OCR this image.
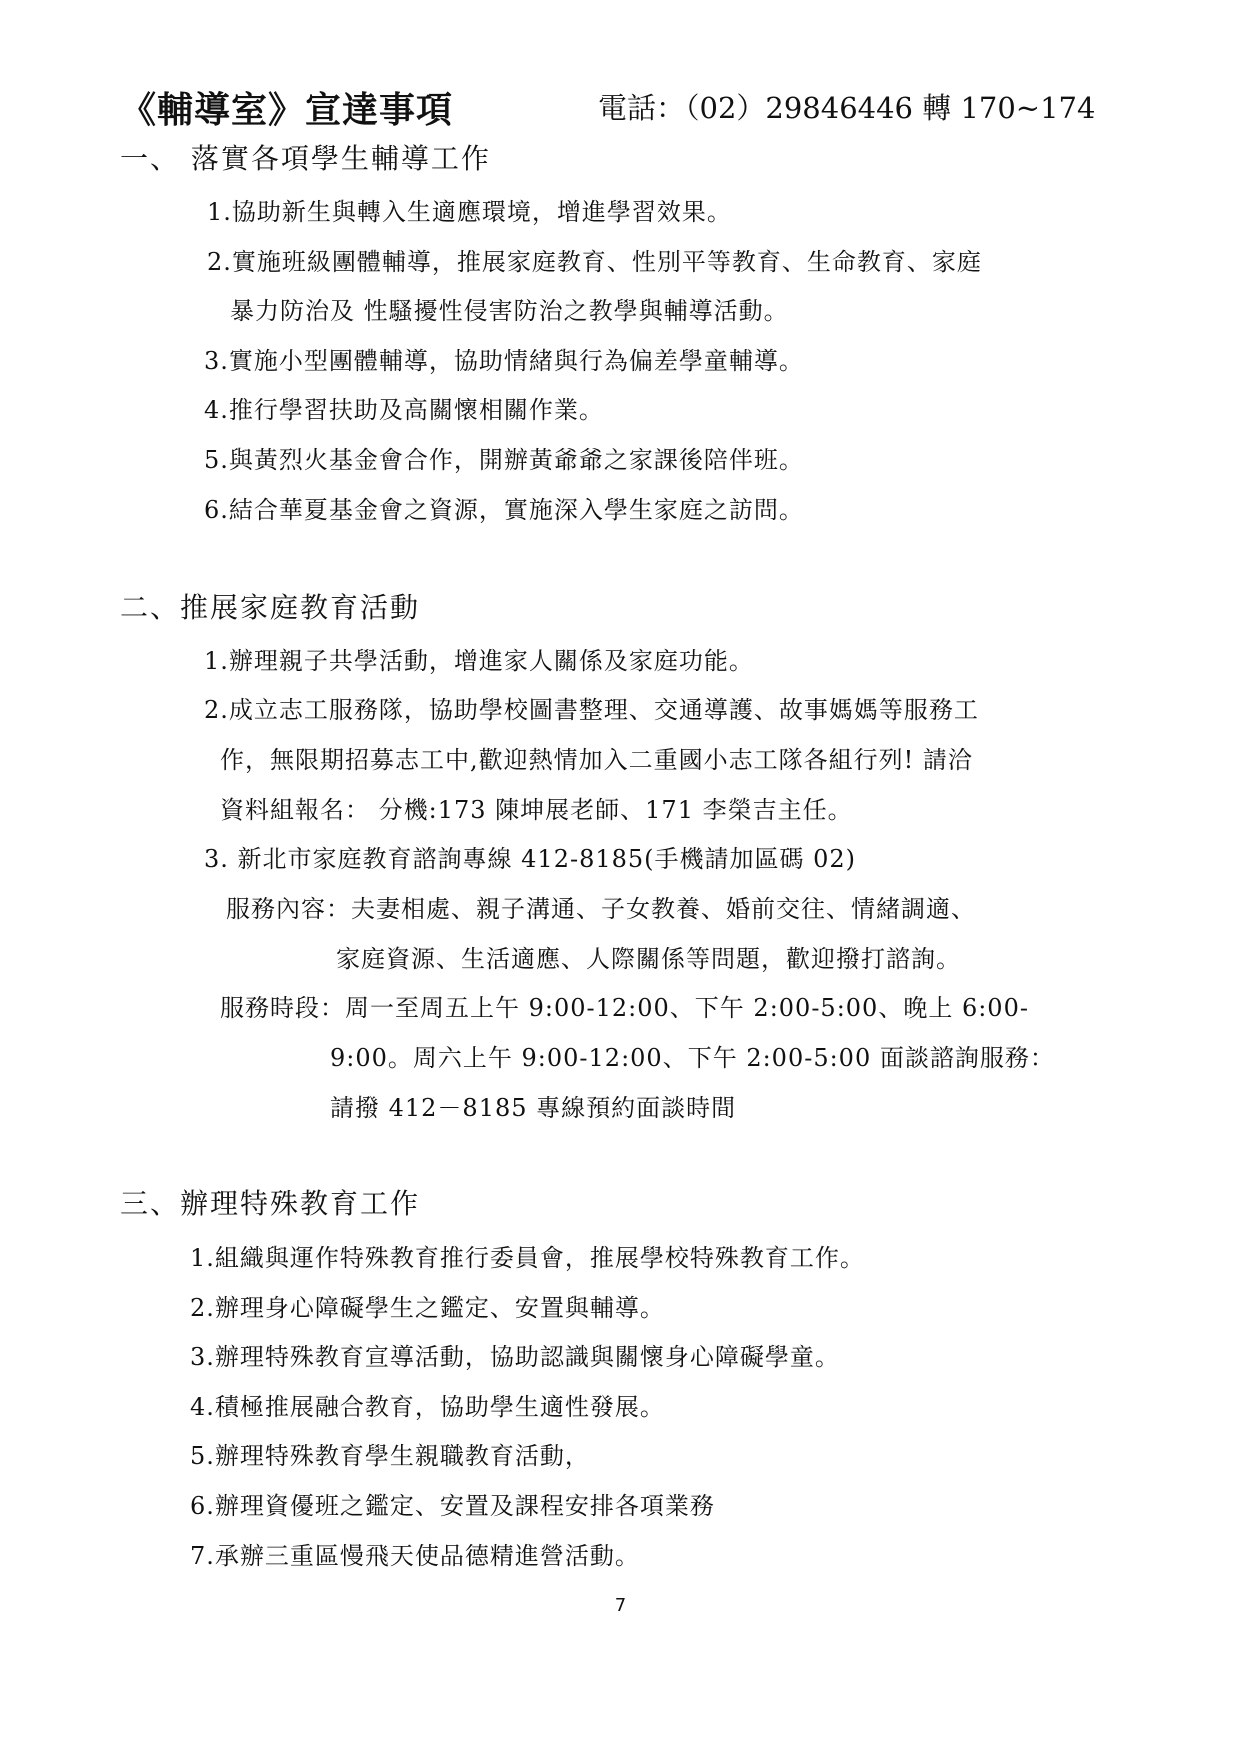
《輔導室》宣達事項	電話：（02）29846446 轉 170~174
一、 落實各項學生輔導工作
1.協助新生與轉入生適應環境，增進學習效果。
2.實施班級團體輔導，推展家庭教育、性別平等教育、生命教育、家庭
暴力防治及 性騷擾性侵害防治之教學與輔導活動。
3.實施小型團體輔導，協助情緒與行為偏差學童輔導。
4.推行學習扶助及高關懷相關作業。
5.與黃烈火基金會合作，開辦黃爺爺之家課後陪伴班。
6.結合華夏基金會之資源，實施深入學生家庭之訪問。
二、推展家庭教育活動
1.辦理親子共學活動，增進家人關係及家庭功能。
2.成立志工服務隊，協助學校圖書整理、交通導護、故事媽媽等服務工
作，無限期招募志工中,歡迎熱情加入二重國小志工隊各組行列! 請洽
資料組報名： 分機:173 陳坤展老師、171 李榮吉主任。
3. 新北市家庭教育諮詢專線 412-8185(手機請加區碼 02)
服務內容：夫妻相處、親子溝通、子女教養、婚前交往、情緒調適、
家庭資源、生活適應、人際關係等問題，歡迎撥打諮詢。
服務時段：周一至周五上午 9:00-12:00、下午 2:00-5:00、晚上 6:00-
9:00。周六上午 9:00-12:00、下午 2:00-5:00 面談諮詢服務：
請撥 412－8185 專線預約面談時間
三、辦理特殊教育工作
1.組織與運作特殊教育推行委員會，推展學校特殊教育工作。
2.辦理身心障礙學生之鑑定、安置與輔導。
3.辦理特殊教育宣導活動，協助認識與關懷身心障礙學童。
4.積極推展融合教育，協助學生適性發展。
5.辦理特殊教育學生親職教育活動，
6.辦理資優班之鑑定、安置及課程安排各項業務
7.承辦三重區慢飛天使品德精進營活動。
7
